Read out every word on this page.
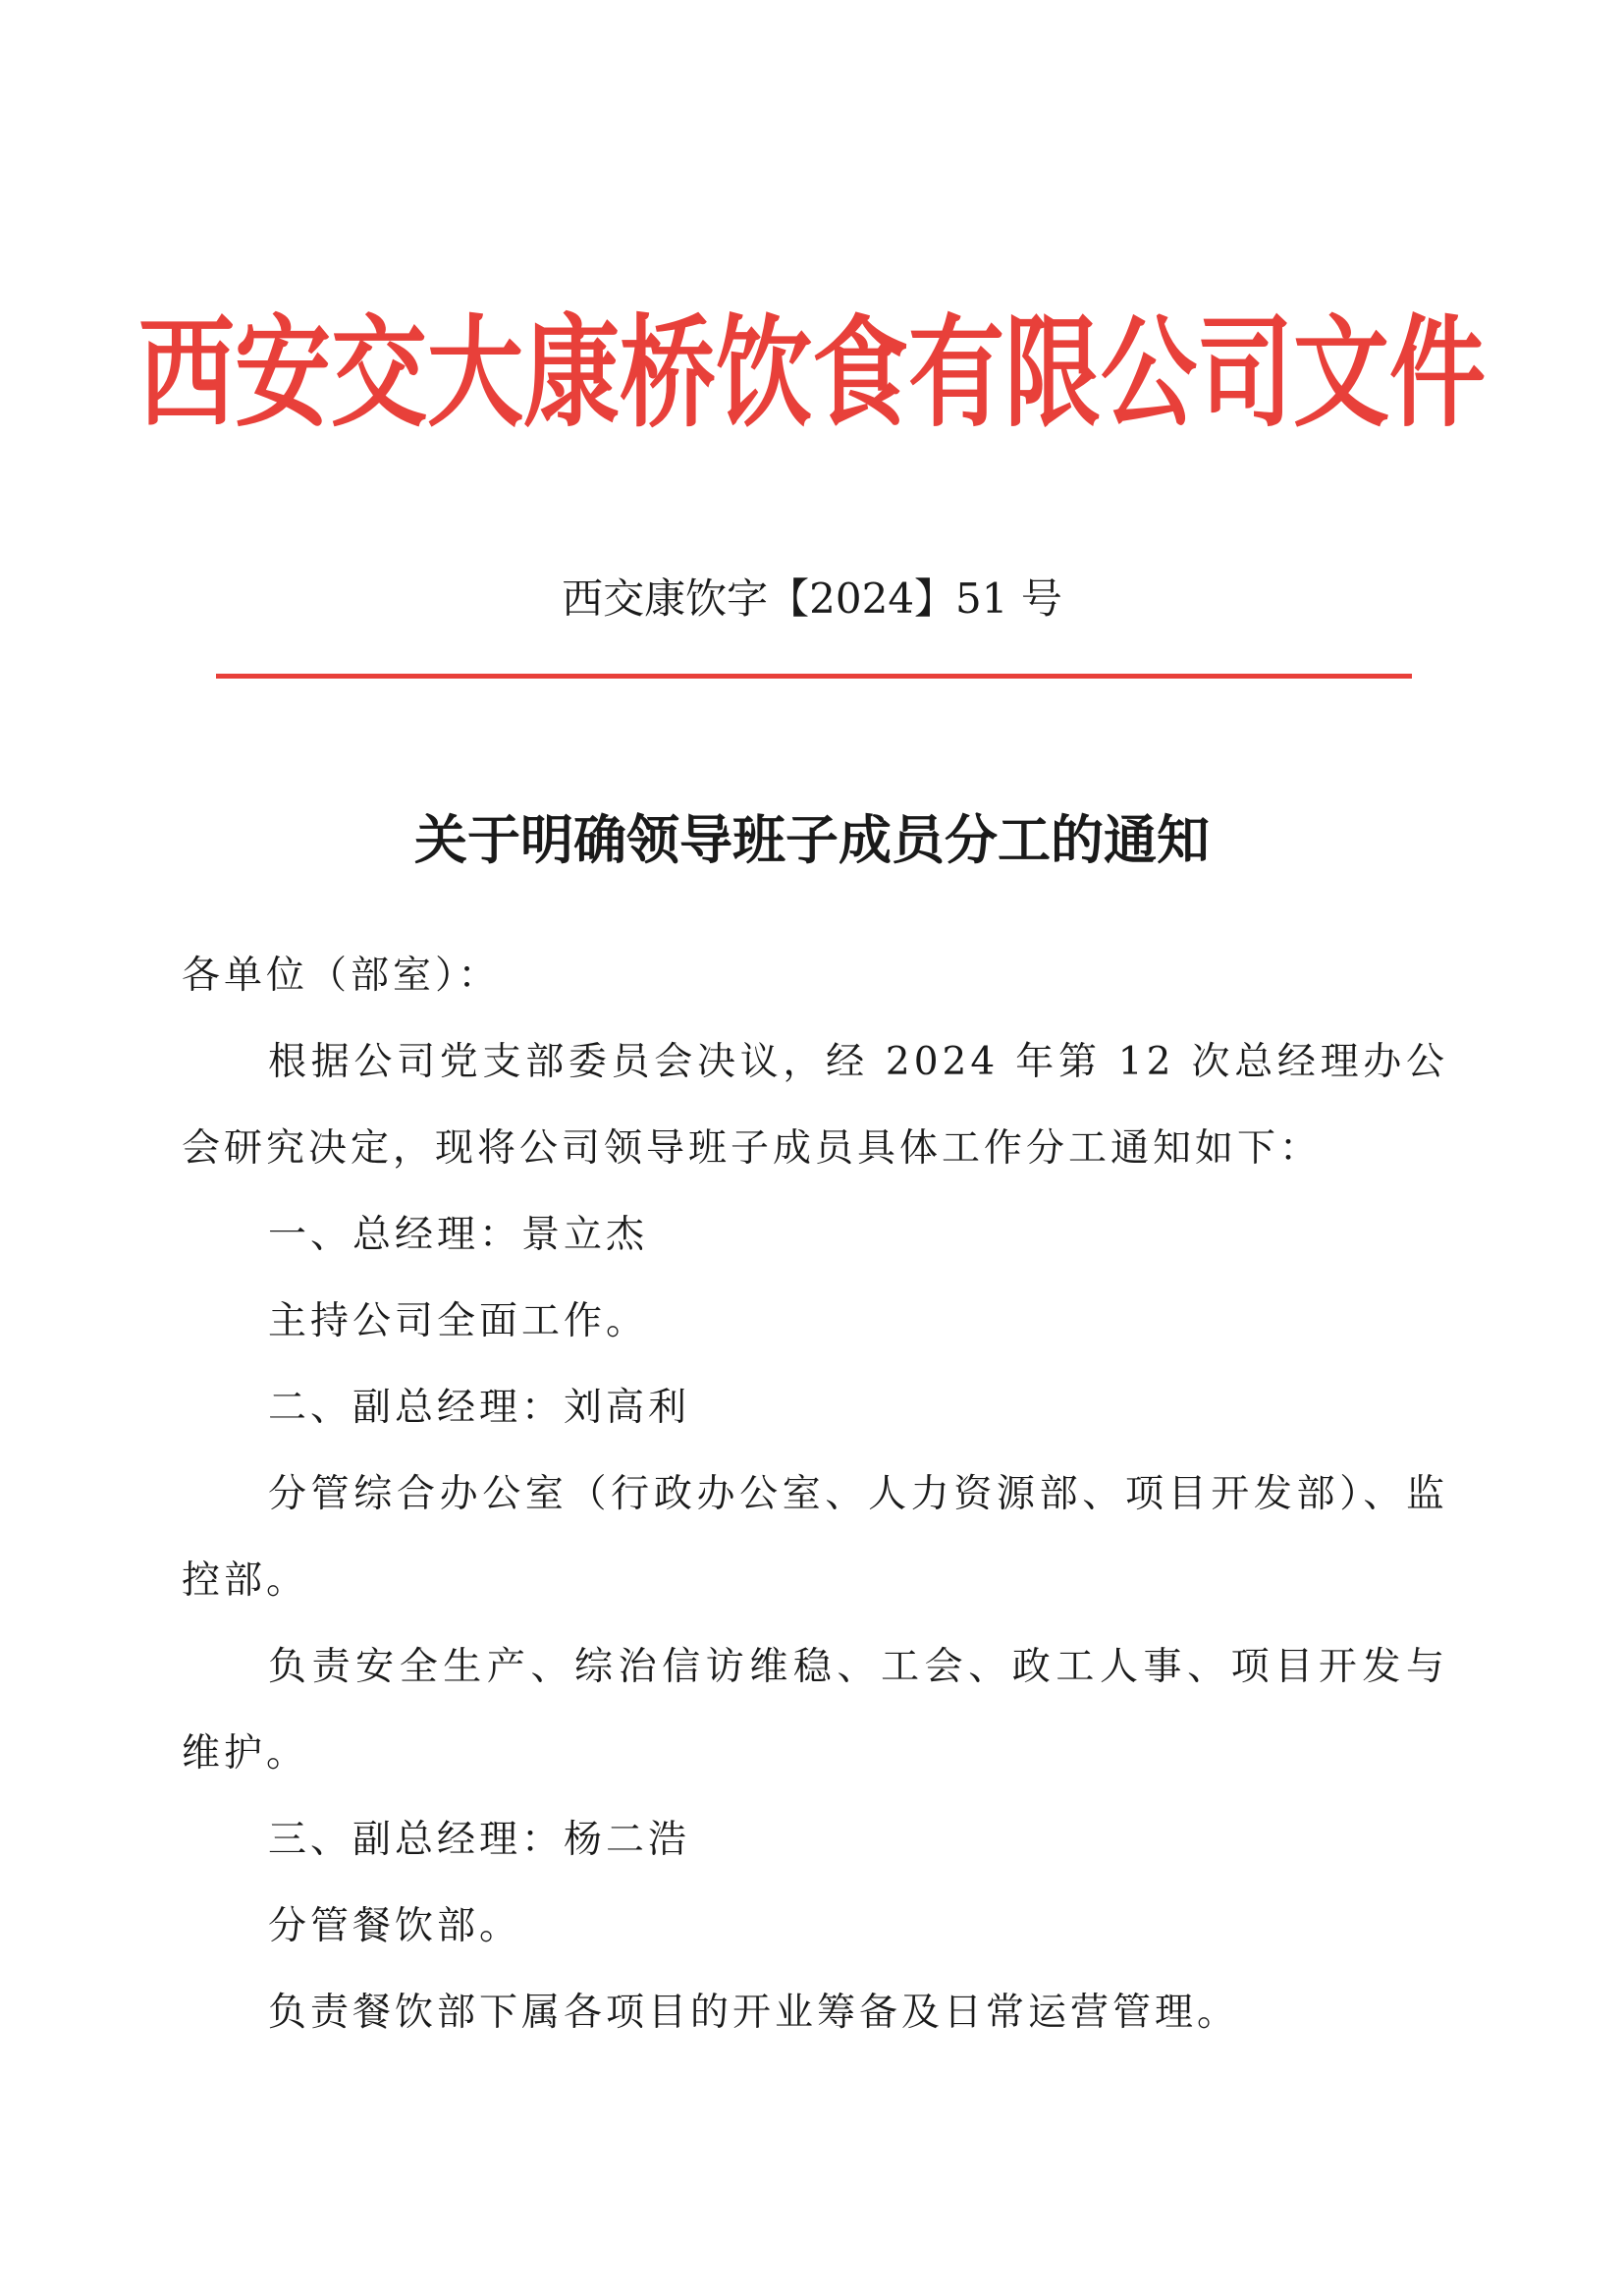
西安交大康桥饮食有限公司文件
西交康饮字【2024】51 号
关于明确领导班子成员分工的通知

各单位（部室）：

根据公司党支部委员会决议，经 2024 年第 12 次总经理办公会研究决定，现将公司领导班子成员具体工作分工通知如下：

一、总经理：景立杰

主持公司全面工作。

二、副总经理：刘高利

分管综合办公室（行政办公室、人力资源部、项目开发部）、监控部。

负责安全生产、综治信访维稳、工会、政工人事、项目开发与维护。

三、副总经理：杨二浩

分管餐饮部。

负责餐饮部下属各项目的开业筹备及日常运营管理。
